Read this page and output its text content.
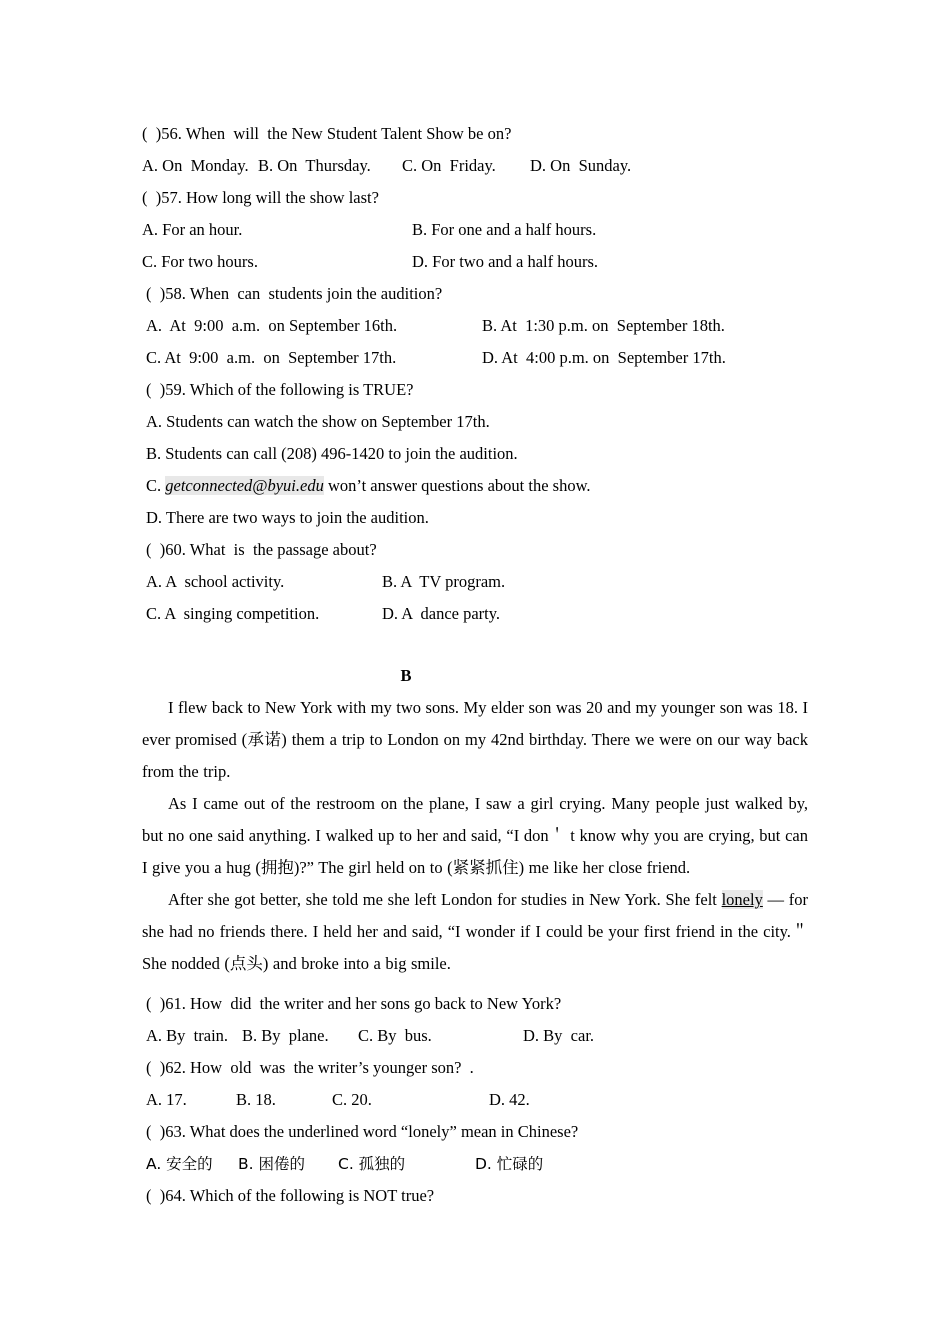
(  )56. When  will  the New Student Talent Show be on?
A. On  Monday. B. On  Thursday.	C. On  Friday.	D. On  Sunday.
(  )57. How long will the show last?
A. For an hour.	B. For one and a half hours.
C. For two hours.	D. For two and a half hours.
(  )58. When  can  students join the audition?
A.  At  9:00  a.m.  on September 16th.	B. At  1:30 p.m. on  September 18th.
C. At  9:00  a.m.  on  September 17th.	D. At  4:00 p.m. on  September 17th.
(  )59. Which of the following is TRUE?
A. Students can watch the show on September 17th.
B. Students can call (208) 496-1420 to join the audition.
C. getconnected@byui.edu won’t answer questions about the show.
D. There are two ways to join the audition.
(  )60. What  is  the passage about?
A. A  school activity.	B. A  TV program.
C. A  singing competition.	D. A  dance party.
B

I flew back to New York with my two sons. My elder son was 20 and my younger son was 18. I ever promised (承诺) them a trip to London on my 42nd birthday. There we were on our way back from the trip.

As I came out of the restroom on the plane, I saw a girl crying. Many people just walked by, but no one said anything. I walked up to her and said, “I don＇ t know why you are crying, but can I give you a hug (拥抱)?” The girl held on to (紧紧抓住) me like her close friend.

After she got better, she told me she left London for studies in New York. She felt lonely — for she had no friends there. I held her and said, “I wonder if I could be your first friend in the city.＂ She nodded (点头) and broke into a big smile.

(  )61. How  did  the writer and her sons go back to New York?
A. By  train. B. By  plane.	C. By  bus.	D. By  car.
(  )62. How  old  was  the writer’s younger son?  .
A. 17.	B. 18.	C. 20.	D. 42.
(  )63. What does the underlined word “lonely” mean in Chinese?
A. 安全的	B. 困倦的	C. 孤独的	D. 忙碌的
(  )64. Which of the following is NOT true?
